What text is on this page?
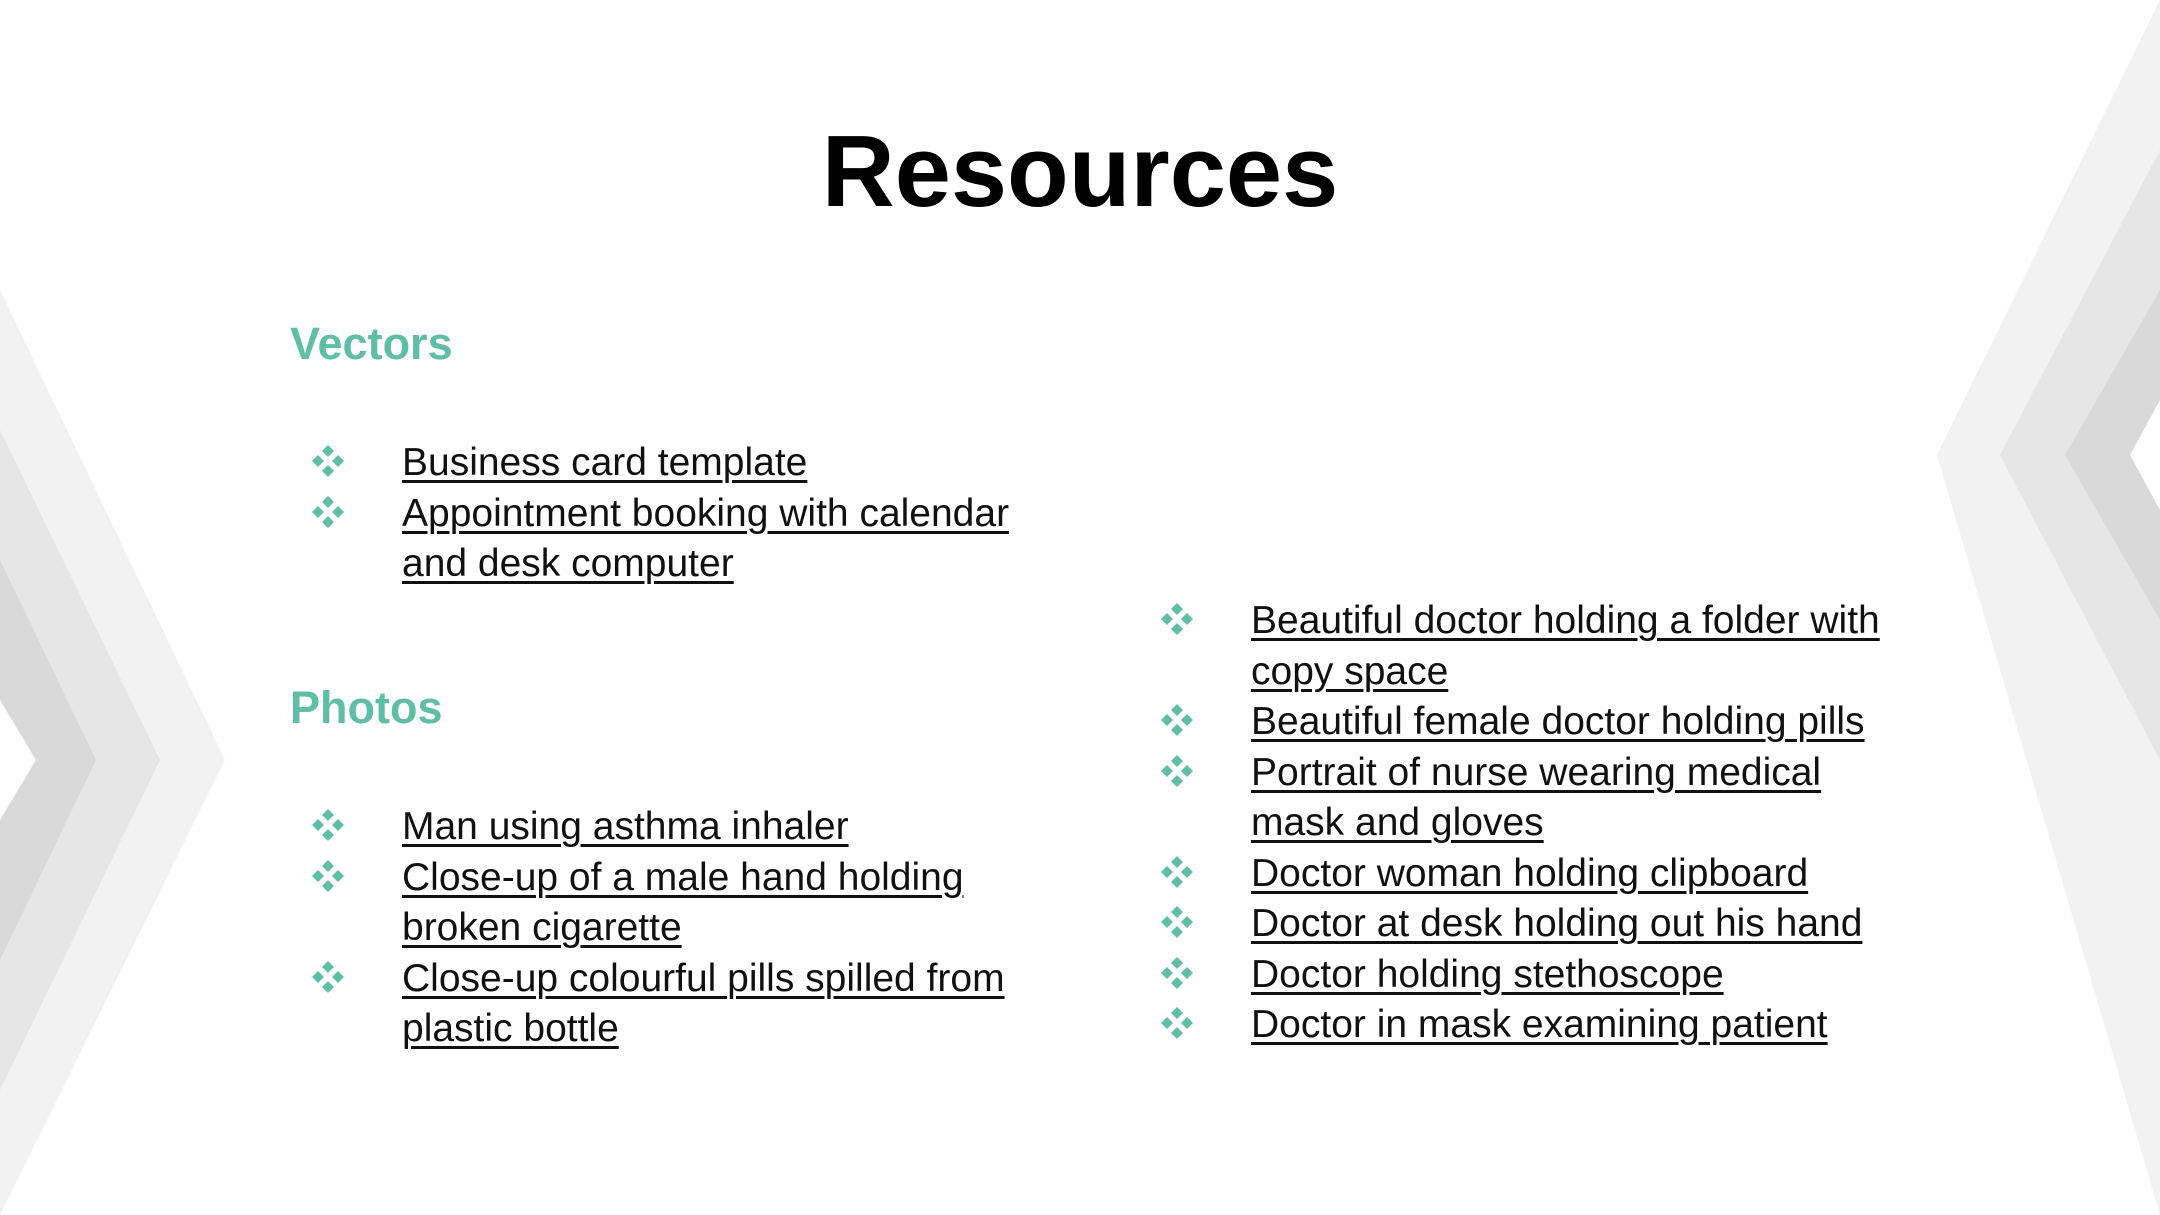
Resources
Vectors
Business card template
Appointment booking with calendar and desk computer
Photos
Man using asthma inhaler
Close-up of a male hand holding broken cigarette
Close-up colourful pills spilled from plastic bottle
Beautiful doctor holding a folder with copy space
Beautiful female doctor holding pills
Portrait of nurse wearing medical mask and gloves
Doctor woman holding clipboard
Doctor at desk holding out his hand
Doctor holding stethoscope
Doctor in mask examining patient
